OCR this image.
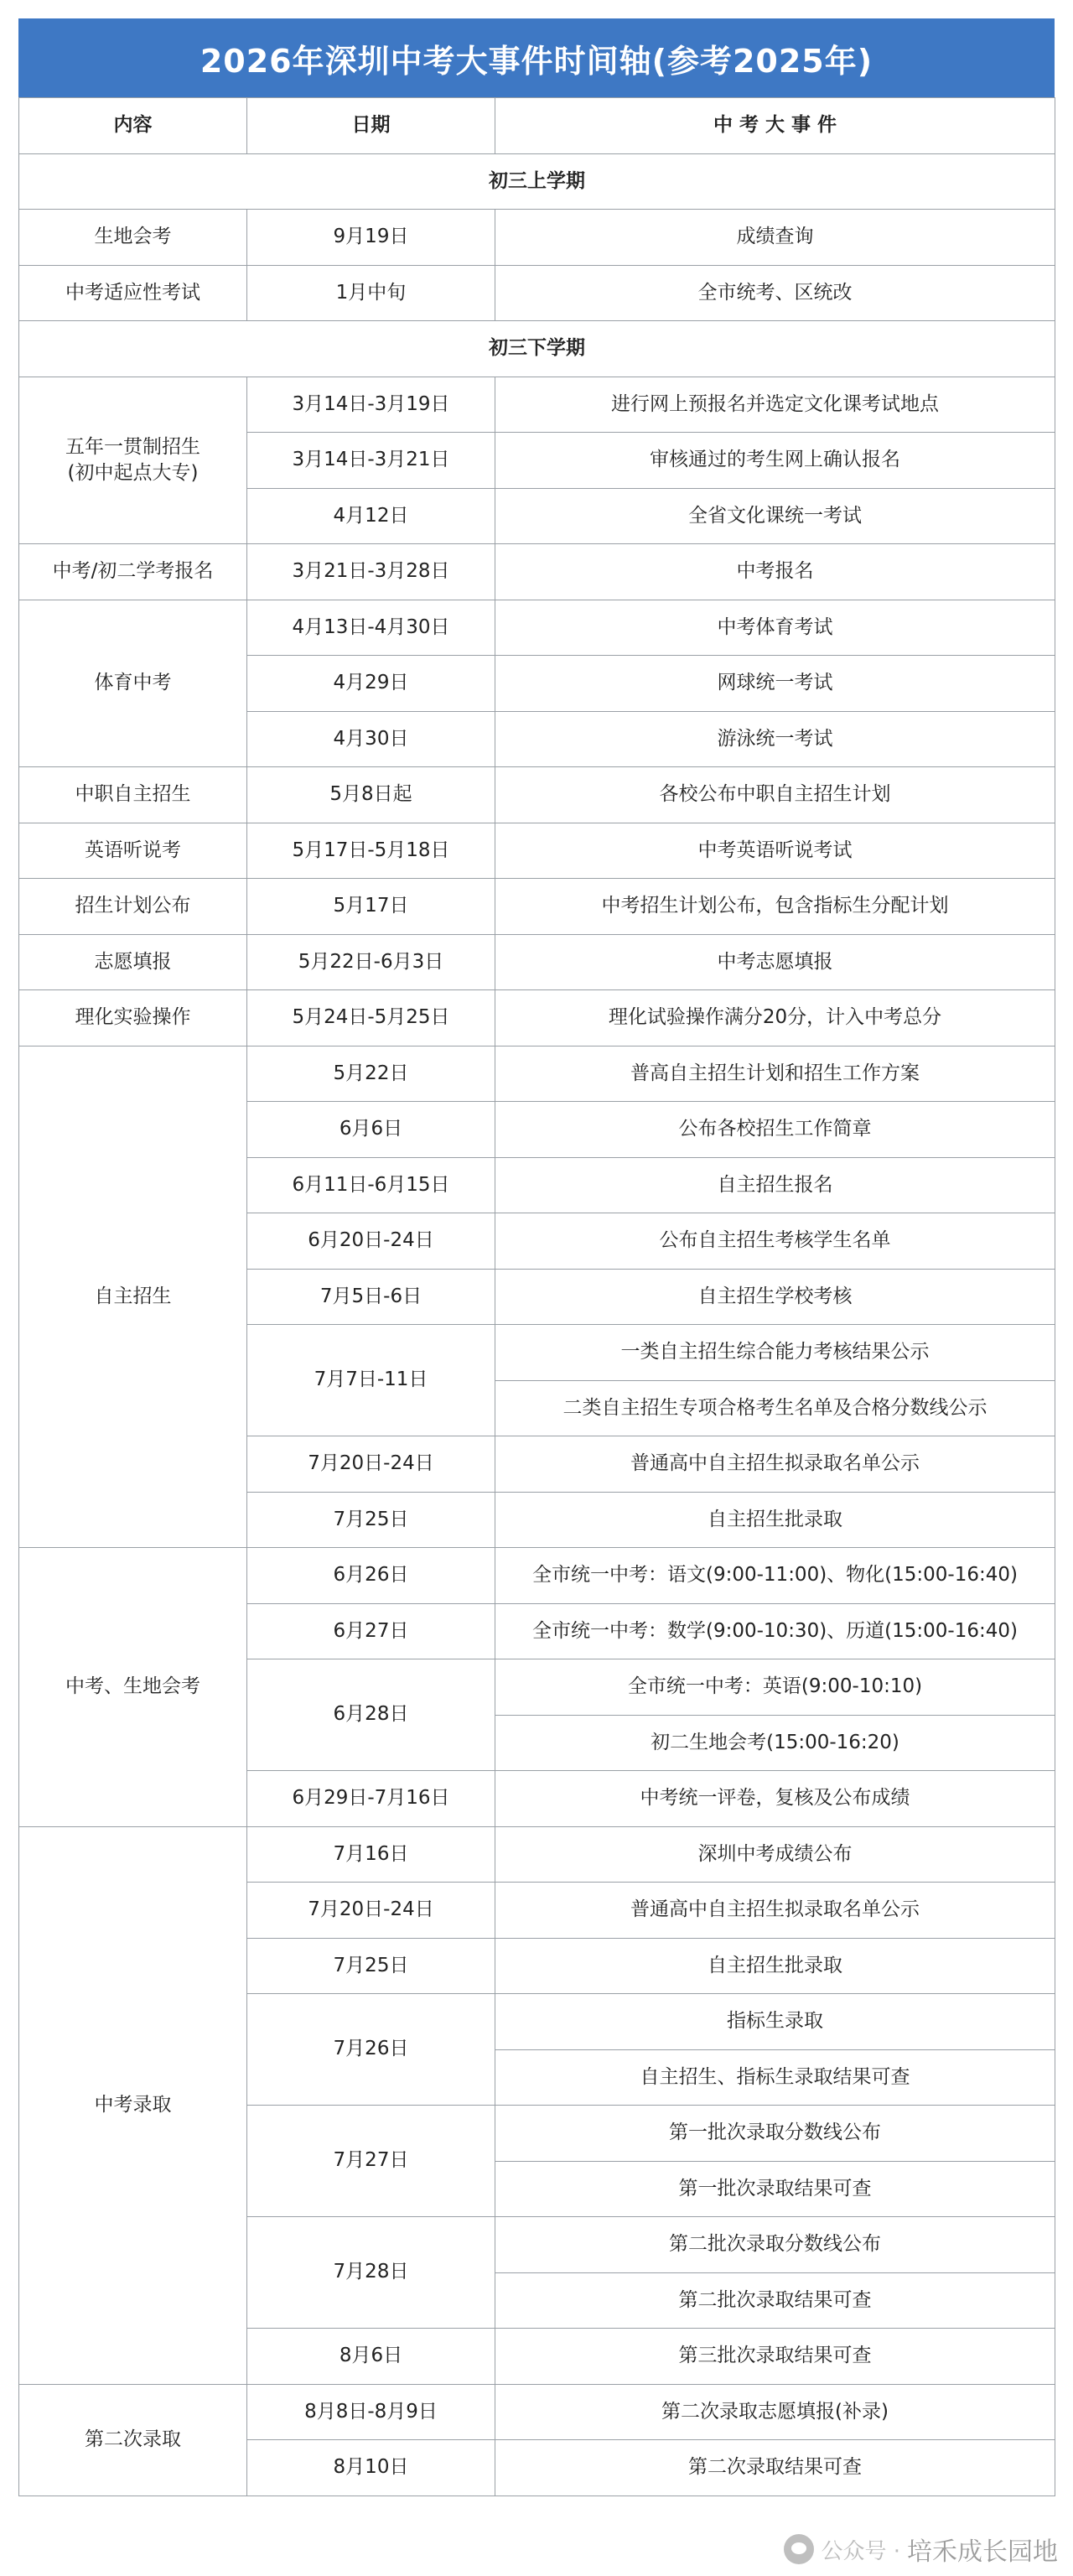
2026年深圳中考大事件时间轴(参考2025年)
内容	日期	中 考 大 事 件
初三上学期		
生地会考	9月19日	成绩查询
中考适应性考试	1月中旬	全市统考、区统改
初三下学期		
五年一贯制招生
(初中起点大专)	3月14日-3月19日	进行网上预报名并选定文化课考试地点
	3月14日-3月21日	审核通过的考生网上确认报名
	4月12日	全省文化课统一考试
中考/初二学考报名	3月21日-3月28日	中考报名
体育中考	4月13日-4月30日	中考体育考试
	4月29日	网球统一考试
	4月30日	游泳统一考试
中职自主招生	5月8日起	各校公布中职自主招生计划
英语听说考	5月17日-5月18日	中考英语听说考试
招生计划公布	5月17日	中考招生计划公布，包含指标生分配计划
志愿填报	5月22日-6月3日	中考志愿填报
理化实验操作	5月24日-5月25日	理化试验操作满分20分，计入中考总分
自主招生	5月22日	普高自主招生计划和招生工作方案
	6月6日	公布各校招生工作简章
	6月11日-6月15日	自主招生报名
	6月20日-24日	公布自主招生考核学生名单
	7月5日-6日	自主招生学校考核
	7月7日-11日	一类自主招生综合能力考核结果公示
		二类自主招生专项合格考生名单及合格分数线公示
	7月20日-24日	普通高中自主招生拟录取名单公示
	7月25日	自主招生批录取
中考、生地会考	6月26日	全市统一中考：语文(9:00-11:00)、物化(15:00-16:40)
	6月27日	全市统一中考：数学(9:00-10:30)、历道(15:00-16:40)
	6月28日	全市统一中考：英语(9:00-10:10)
		初二生地会考(15:00-16:20)
	6月29日-7月16日	中考统一评卷，复核及公布成绩
中考录取	7月16日	深圳中考成绩公布
	7月20日-24日	普通高中自主招生拟录取名单公示
	7月25日	自主招生批录取
	7月26日	指标生录取
		自主招生、指标生录取结果可查
	7月27日	第一批次录取分数线公布
		第一批次录取结果可查
	7月28日	第二批次录取分数线公布
		第二批次录取结果可查
	8月6日	第三批次录取结果可查
第二次录取	8月8日-8月9日	第二次录取志愿填报(补录)
	8月10日	第二次录取结果可查
公众号 · 培禾成长园地
